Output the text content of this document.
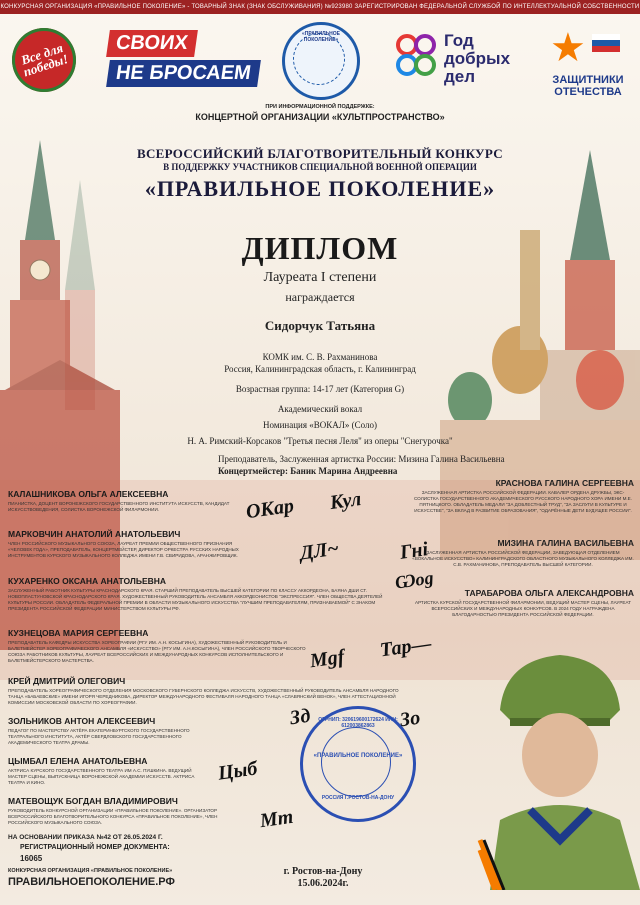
КОНКУРСНАЯ ОРГАНИЗАЦИЯ «ПРАВИЛЬНОЕ ПОКОЛЕНИЕ» - ТОВАРНЫЙ ЗНАК (ЗНАК ОБСЛУЖИВАНИЯ) №923980 ЗАРЕГИСТРИРОВАН ФЕДЕРАЛЬНОЙ СЛУЖБОЙ ПО ИНТЕЛЛЕКТУАЛЬНОЙ СОБСТВЕННОСТИ
Все для победы!
СВОИХ
НЕ БРОСАЕМ
«ПРАВИЛЬНОЕ ПОКОЛЕНИЕ»	Год добрых дел
★
ЗАЩИТНИКИ ОТЕЧЕСТВА
ПРИ ИНФОРМАЦИОННОЙ ПОДДЕРЖКЕ:
КОНЦЕРТНОЙ ОРГАНИЗАЦИИ «КУЛЬТПРОСТРАНСТВО»
ВСЕРОССИЙСКИЙ БЛАГОТВОРИТЕЛЬНЫЙ КОНКУРС
В ПОДДЕРЖКУ УЧАСТНИКОВ СПЕЦИАЛЬНОЙ ВОЕННОЙ ОПЕРАЦИИ
«ПРАВИЛЬНОЕ ПОКОЛЕНИЕ»
ДИПЛОМ
Лауреата I степени
награждается
Сидорчук Татьяна
КОМК им. С. В. Рахманинова
Россия, Калининградская область, г. Калининград
Возрастная группа: 14-17 лет (Категория G)
Академический вокал
Номинация «ВОКАЛ» (Соло)
Н. А. Римский-Корсаков "Третья песня Леля" из оперы "Снегурочка"
Преподаватель, Заслуженная артистка России: Мизина Галина Васильевна
Концертмейстер: Баник Марина Андреевна
КРАСНОВА ГАЛИНА СЕРГЕЕВНА
ЗАСЛУЖЕННАЯ АРТИСТКА РОССИЙСКОЙ ФЕДЕРАЦИИ. КАВАЛЕР ОРДЕНА ДРУЖБЫ, ЭКС-СОЛИСТКА ГОСУДАРСТВЕННОГО АКАДЕМИЧЕСКОГО РУССКОГО НАРОДНОГО ХОРА ИМЕНИ М.Е. ПЯТНИЦКОГО. ОБЛАДАТЕЛЬ МЕДАЛИ "ЗА ДОБЛЕСТНЫЙ ТРУД", "ЗА ЗАСЛУГИ В КУЛЬТУРЕ И ИСКУССТВЕ", "ЗА ВКЛАД В РАЗВИТИЕ ОБРАЗОВАНИЯ", "ОДАРЁННЫЕ ДЕТИ БУДУЩЕЕ РОССИИ".
МИЗИНА ГАЛИНА ВАСИЛЬЕВНА
ЗАСЛУЖЕННАЯ АРТИСТКА РОССИЙСКОЙ ФЕДЕРАЦИИ, ЗАВЕДУЮЩАЯ ОТДЕЛЕНИЕМ «ВОКАЛЬНОЕ ИСКУССТВО» КАЛИНИНГРАДСКОГО ОБЛАСТНОГО МУЗЫКАЛЬНОГО КОЛЛЕДЖА ИМ. С.В. РАХМАНИНОВА, ПРЕПОДАВАТЕЛЬ ВЫСШЕЙ КАТЕГОРИИ.
ТАРАБАРОВА ОЛЬГА АЛЕКСАНДРОВНА
АРТИСТКА КУРСКОЙ ГОСУДАРСТВЕННОЙ ФИЛАРМОНИИ, ВЕДУЩИЙ МАСТЕР СЦЕНЫ, ЛАУРЕАТ ВСЕРОССИЙСКИХ И МЕЖДУНАРОДНЫХ КОНКУРСОВ. В 2024 ГОДУ НАГРАЖДЕНА БЛАГОДАРНОСТЬЮ ПРЕЗИДЕНТА РОССИЙСКОЙ ФЕДЕРАЦИИ.
КАЛАШНИКОВА ОЛЬГА АЛЕКСЕЕВНА
ПИАНИСТКА, ДОЦЕНТ ВОРОНЕЖСКОГО ГОСУДАРСТВЕННОГО ИНСТИТУТА ИСКУССТВ, КАНДИДАТ ИСКУССТВОВЕДЕНИЯ, СОЛИСТКА ВОРОНЕЖСКОЙ ФИЛАРМОНИИ.
МАРКОВЧИН АНАТОЛИЙ АНАТОЛЬЕВИЧ
ЧЛЕН РОССИЙСКОГО МУЗЫКАЛЬНОГО СОЮЗА, ЛАУРЕАТ ПРЕМИИ ОБЩЕСТВЕННОГО ПРИЗНАНИЯ «ЧЕЛОВЕК ГОДА», ПРЕПОДАВАТЕЛЬ, КОНЦЕРТМЕЙСТЕР, ДИРЕКТОР ОРКЕСТРА РУССКИХ НАРОДНЫХ ИНСТРУМЕНТОВ КУРСКОГО МУЗЫКАЛЬНОГО КОЛЛЕДЖА ИМЕНИ Г.В. СВИРИДОВА, АРАНЖИРОВЩИК.
КУХАРЕНКО ОКСАНА АНАТОЛЬЕВНА
ЗАСЛУЖЕННЫЙ РАБОТНИК КУЛЬТУРЫ КРАСНОДАРСКОГО КРАЯ. СТАРШИЙ ПРЕПОДАВАТЕЛЬ ВЫСШЕЙ КАТЕГОРИИ ПО КЛАССУ АККОРДЕОНА, БАЯНА ДШИ СТ. НОВОПЛАСТУНОВСКОЙ КРАСНОДАРСКОГО КРАЯ. ХУДОЖЕСТВЕННЫЙ РУКОВОДИТЕЛЬ АНСАМБЛЯ АККОРДЕОНИСТОВ "ЭКСПРЕССИЯ". ЧЛЕН ОБЩЕСТВА ДЕЯТЕЛЕЙ КУЛЬТУРЫ РОССИИ. ОБЛАДАТЕЛЬ ФЕДЕРАЛЬНОЙ ПРЕМИИ В ОБЛАСТИ МУЗЫКАЛЬНОГО ИСКУССТВА "ЛУЧШИМ ПРЕПОДАВАТЕЛЯМ, ПРИЗНАВАЕМОЙ" С ЗНАКОМ ПРЕЗИДЕНТА РОССИЙСКОЙ ФЕДЕРАЦИИ МИНИСТЕРСТВОМ КУЛЬТУРЫ РФ.
КУЗНЕЦОВА МАРИЯ СЕРГЕЕВНА
ПРЕПОДАВАТЕЛЬ КАФЕДРЫ ИСКУССТВА ХОРЕОГРАФИИ (РГУ ИМ. А.Н. КОСЫГИНА), ХУДОЖЕСТВЕННЫЙ РУКОВОДИТЕЛЬ И БАЛЕТМЕЙСТЕР ХОРЕОГРАФИЧЕСКОГО АНСАМБЛЯ «ИСКУССТВО» (РГУ ИМ. А.Н.КОСЫГИНА), ЧЛЕН РОССИЙСКОГО ТВОРЧЕСКОГО СОЮЗА РАБОТНИКОВ КУЛЬТУРЫ, ЛАУРЕАТ ВСЕРОССИЙСКИХ И МЕЖДУНАРОДНЫХ КОНКУРСОВ ИСПОЛНИТЕЛЬСКОГО И БАЛЕТМЕЙСТЕРСКОГО МАСТЕРСТВА.
КРЕЙ ДМИТРИЙ ОЛЕГОВИЧ
ПРЕПОДАВАТЕЛЬ ХОРЕОГРАФИЧЕСКОГО ОТДЕЛЕНИЯ МОСКОВСКОГО ГУБЕРНСКОГО КОЛЛЕДЖА ИСКУССТВ, ХУДОЖЕСТВЕННЫЙ РУКОВОДИТЕЛЬ АНСАМБЛЯ НАРОДНОГО ТАНЦА «БАБАЕВСКИЕ» ИМЕНИ ИГОРЯ ЧЕРЕДНИКОВА, ДИРЕКТОР МЕЖДУНАРОДНОГО ФЕСТИВАЛЯ НАРОДНОГО ТАНЦА «СЛАВЯНСКИЙ ВЕНОК», ЧЛЕН АТТЕСТАЦИОННОЙ КОМИССИИ МОСКОВСКОЙ ОБЛАСТИ ПО ХОРЕОГРАФИИ.
ЗОЛЬНИКОВ АНТОН АЛЕКСЕЕВИЧ
ПЕДАГОГ ПО МАСТЕРСТВУ АКТЁРА ЕКАТЕРИНБУРГСКОГО ГОСУДАРСТВЕННОГО ТЕАТРАЛЬНОГО ИНСТИТУТА, АКТЁР СВЕРДЛОВСКОГО ГОСУДАРСТВЕННОГО АКАДЕМИЧЕСКОГО ТЕАТРА ДРАМЫ.
ЦЫМБАЛ ЕЛЕНА АНАТОЛЬЕВНА
АКТРИСА КУРСКОГО ГОСУДАРСТВЕННОГО ТЕАТРА ИМ А.С. ПУШКИНА. ВЕДУЩИЙ МАСТЕР СЦЕНЫ, ВЫПУСКНИЦА ВОРОНЕЖСКОЙ АКАДЕМИИ ИСКУССТВ. АКТРИСА ТЕАТРА И КИНО.
МАТЕВОЩУК БОГДАН ВЛАДИМИРОВИЧ
РУКОВОДИТЕЛЬ КОНКУРСНОЙ ОРГАНИЗАЦИИ «ПРАВИЛЬНОЕ ПОКОЛЕНИЕ». ОРГАНИЗАТОР ВСЕРОССИЙСКОГО БЛАГОТВОРИТЕЛЬНОГО КОНКУРСА «ПРАВИЛЬНОЕ ПОКОЛЕНИЕ», ЧЛЕН РОССИЙСКОГО МУЗЫКАЛЬНОГО СОЮЗА.
ОКар Кул
ДЛ~	Гнi
Ѡоg
Мgf Тар—
Зд	Зо
Цыб
Мт
ОГРНИП: 320619600172624 ИНН: 612003862863
«ПРАВИЛЬНОЕ ПОКОЛЕНИЕ»
РОССИЯ Г.РОСТОВ-НА-ДОНУ
НА ОСНОВАНИИ ПРИКАЗА №42 ОТ 26.05.2024 Г.
РЕГИСТРАЦИОННЫЙ НОМЕР ДОКУМЕНТА:
16065
КОНКУРСНАЯ ОРГАНИЗАЦИЯ «ПРАВИЛЬНОЕ ПОКОЛЕНИЕ»
ПРАВИЛЬНОЕПОКОЛЕНИЕ.РФ
г. Ростов-на-Дону
15.06.2024г.
